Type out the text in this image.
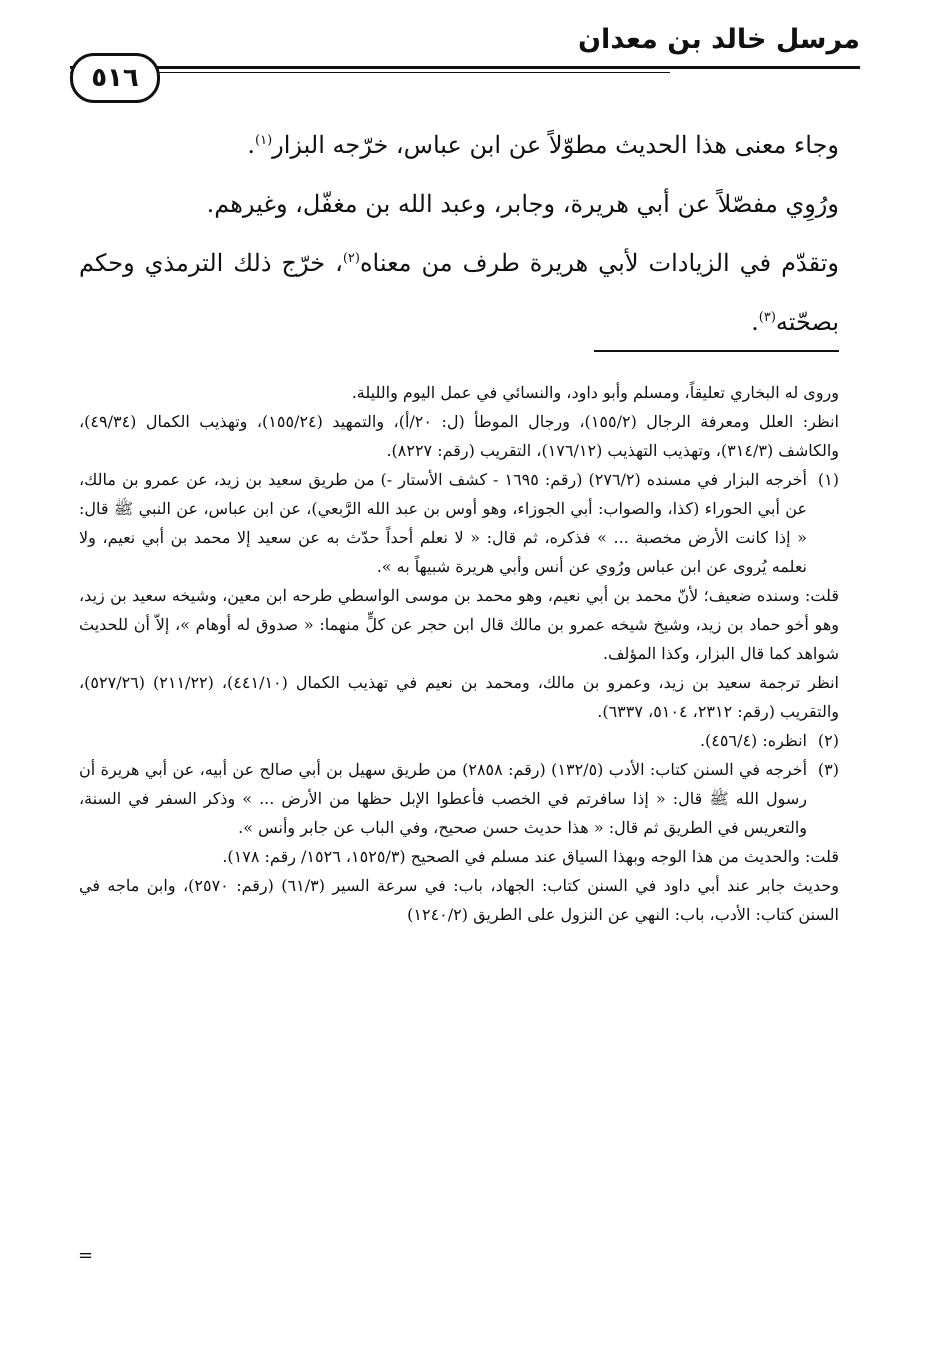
مرسل خالد بن معدان
٥١٦

وجاء معنى هذا الحديث مطوّلاً عن ابن عباس، خرّجه البزار$^{(١)}$.

ورُوِي مفصّلاً عن أبي هريرة، وجابر، وعبد الله بن مغفّل، وغيرهم.

وتقدّم في الزيادات لأبي هريرة طرف من معناه$^{(٢)}$، خرّج ذلك الترمذي وحكم بصحّته$^{(٣)}$.

وروى له البخاري تعليقاً، ومسلم وأبو داود، والنسائي في عمل اليوم والليلة.

انظر: العلل ومعرفة الرجال (١٥٥/٢)، ورجال الموطأ (ل: ٢٠/أ)، والتمهيد (١٥٥/٢٤)، وتهذيب الكمال (٤٩/٣٤)، والكاشف (٣١٤/٣)، وتهذيب التهذيب (١٧٦/١٢)، التقريب (رقم: ٨٢٢٧).

(١)

أخرجه البزار في مسنده (٢٧٦/٢) (رقم: ١٦٩٥ - كشف الأستار -) من طريق سعيد بن زيد، عن عمرو بن مالك، عن أبي الحوراء (كذا، والصواب: أبي الجوزاء، وهو أوس بن عبد الله الرَّبعي)، عن ابن عباس، عن النبي ﷺ قال: « إذا كانت الأرض مخصبة ... » فذكره، ثم قال: « لا نعلم أحداً حدّث به عن سعيد إلا محمد بن أبي نعيم، ولا نعلمه يُروى عن ابن عباس ورُوي عن أنس وأبي هريرة شبيهاً به ».

قلت: وسنده ضعيف؛ لأنّ محمد بن أبي نعيم، وهو محمد بن موسى الواسطي طرحه ابن معين، وشيخه سعيد بن زيد، وهو أخو حماد بن زيد، وشيخ شيخه عمرو بن مالك قال ابن حجر عن كلٍّ منهما: « صدوق له أوهام »، إلاّ أن للحديث شواهد كما قال البزار، وكذا المؤلف.

انظر ترجمة سعيد بن زيد، وعمرو بن مالك، ومحمد بن نعيم في تهذيب الكمال (٤٤١/١٠)، (٢١١/٢٢) (٥٢٧/٢٦)، والتقريب (رقم: ٢٣١٢، ٥١٠٤، ٦٣٣٧).

(٢)

انظره: (٤٥٦/٤).

(٣)

أخرجه في السنن كتاب: الأدب (١٣٢/٥) (رقم: ٢٨٥٨) من طريق سهيل بن أبي صالح عن أبيه، عن أبي هريرة أن رسول الله ﷺ قال: « إذا سافرتم في الخصب فأعطوا الإبل حظها من الأرض ... » وذكر السفر في السنة، والتعريس في الطريق ثم قال: « هذا حديث حسن صحيح، وفي الباب عن جابر وأنس ».

قلت: والحديث من هذا الوجه وبهذا السياق عند مسلم في الصحيح (١٥٢٥/٣، ١٥٢٦/ رقم: ١٧٨).

وحديث جابر عند أبي داود في السنن كتاب: الجهاد، باب: في سرعة السير (٦١/٣) (رقم: ٢٥٧٠)، وابن ماجه في السنن كتاب: الأدب، باب: النهي عن النزول على الطريق (١٢٤٠/٢)

=
